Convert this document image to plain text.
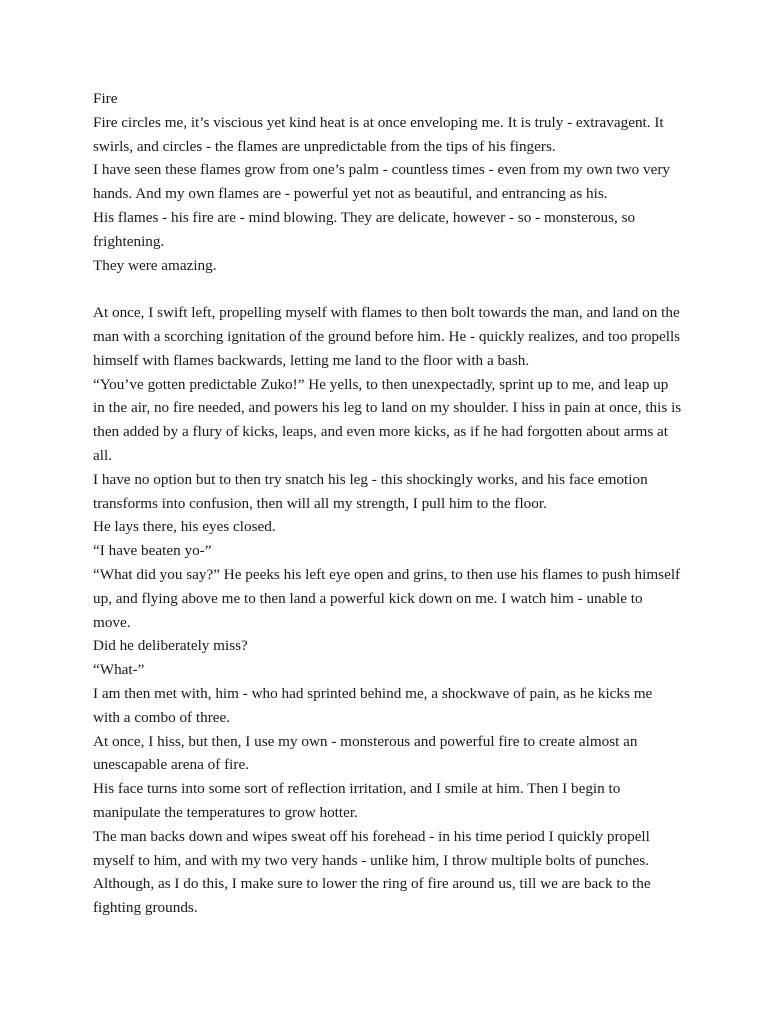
Fire

Fire circles me, it’s viscious yet kind heat is at once enveloping me. It is truly - extravagent. It swirls, and circles - the flames are unpredictable from the tips of his fingers.

I have seen these flames grow from one’s palm - countless times - even from my own two very hands. And my own flames are - powerful yet not as beautiful, and entrancing as his.

His flames - his fire are - mind blowing. They are delicate, however - so - monsterous, so frightening.

They were amazing.

At once, I swift left, propelling myself with flames to then bolt towards the man, and land on the man with a scorching ignitation of the ground before him. He - quickly realizes, and too propells himself with flames backwards, letting me land to the floor with a bash.

“You’ve gotten predictable Zuko!” He yells, to then unexpectadly, sprint up to me, and leap up in the air, no fire needed, and powers his leg to land on my shoulder. I hiss in pain at once, this is then added by a flury of kicks, leaps, and even more kicks, as if he had forgotten about arms at all.

I have no option but to then try snatch his leg - this shockingly works, and his face emotion transforms into confusion, then will all my strength, I pull him to the floor.

He lays there, his eyes closed.

“I have beaten yo-”

“What did you say?” He peeks his left eye open and grins, to then use his flames to push himself up, and flying above me to then land a powerful kick down on me. I watch him - unable to move.

Did he deliberately miss?

“What-”

I am then met with, him - who had sprinted behind me, a shockwave of pain, as he kicks me with a combo of three.

At once, I hiss, but then, I use my own - monsterous and powerful fire to create almost an unescapable arena of fire.

His face turns into some sort of reflection irritation, and I smile at him. Then I begin to manipulate the temperatures to grow hotter.

The man backs down and wipes sweat off his forehead - in his time period I quickly propell myself to him, and with my two very hands - unlike him, I throw multiple bolts of punches.

Although, as I do this, I make sure to lower the ring of fire around us, till we are back to the fighting grounds.
